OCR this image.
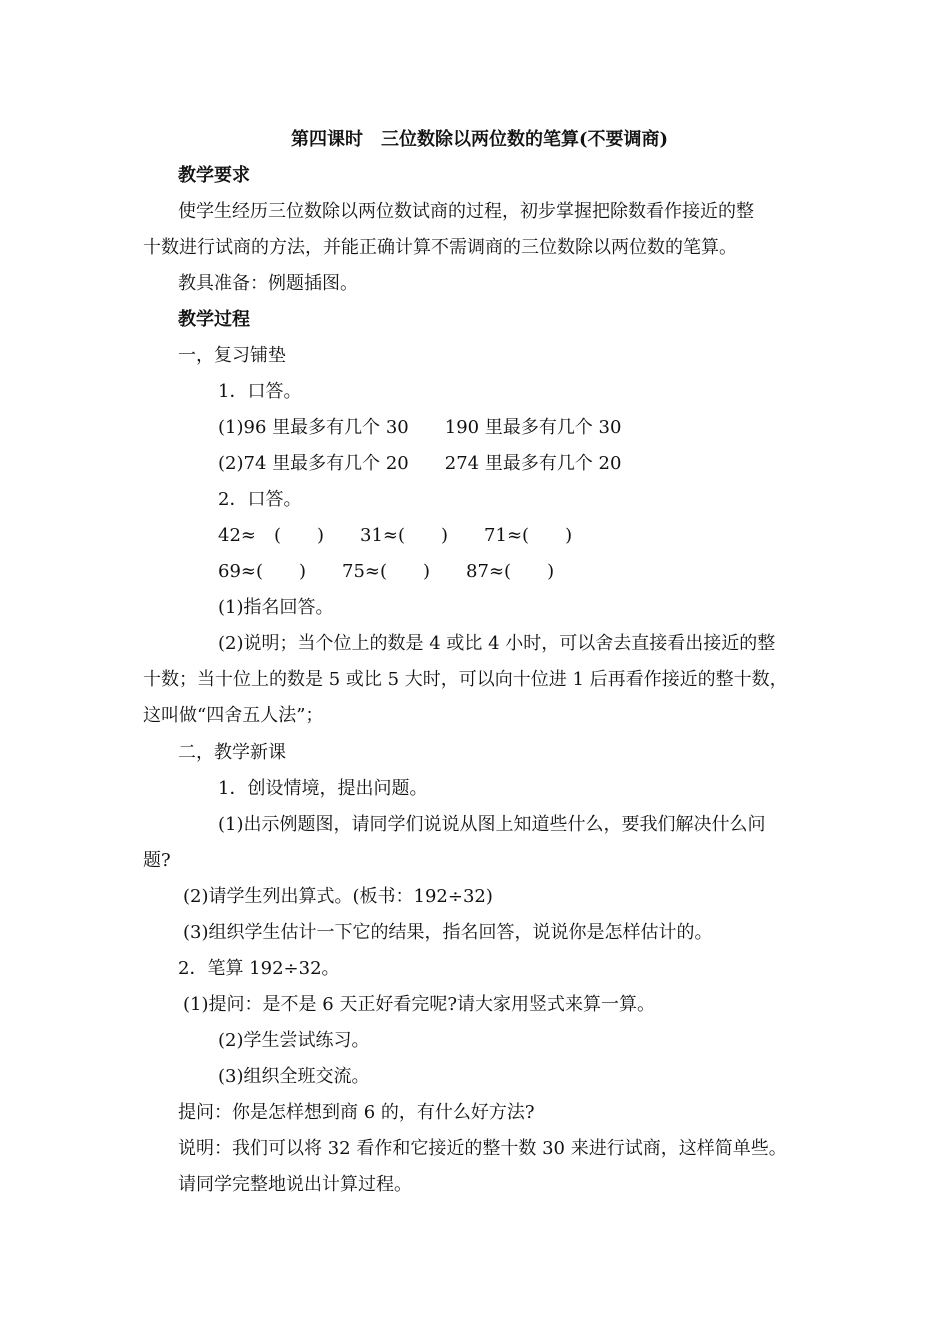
第四课时　三位数除以两位数的笔算(不要调商)
教学要求
使学生经历三位数除以两位数试商的过程，初步掌握把除数看作接近的整
十数进行试商的方法，并能正确计算不需调商的三位数除以两位数的笔算。
教具准备：例题插图。
教学过程
一，复习铺垫
1．口答。
(1)96 里最多有几个 30　　190 里最多有几个 30
(2)74 里最多有几个 20　　274 里最多有几个 20
2．口答。
42≈　(　　)　　31≈(　　)　　71≈(　　)
69≈(　　)　　75≈(　　)　　87≈(　　)
(1)指名回答。
(2)说明；当个位上的数是 4 或比 4 小时，可以舍去直接看出接近的整
十数；当十位上的数是 5 或比 5 大时，可以向十位进 1 后再看作接近的整十数，
这叫做“四舍五人法”；
二，教学新课
1．创设情境，提出问题。
(1)出示例题图，请同学们说说从图上知道些什么，要我们解决什么问
题?
(2)请学生列出算式。(板书：192÷32)
(3)组织学生估计一下它的结果，指名回答，说说你是怎样估计的。
2．笔算 192÷32。
(1)提问：是不是 6 天正好看完呢?请大家用竖式来算一算。
(2)学生尝试练习。
(3)组织全班交流。
提问：你是怎样想到商 6 的，有什么好方法?
说明：我们可以将 32 看作和它接近的整十数 30 来进行试商，这样简单些。
请同学完整地说出计算过程。
